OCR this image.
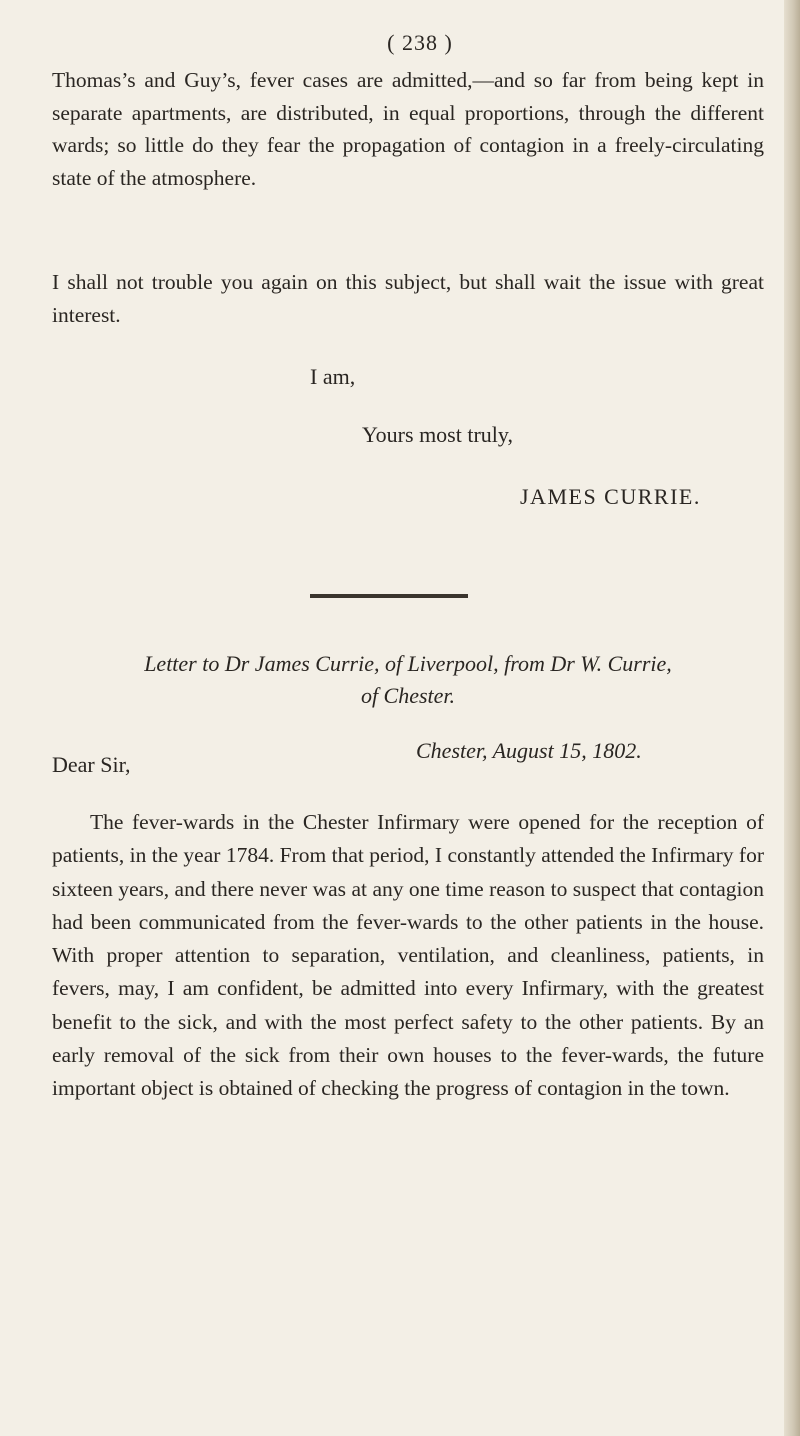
( 238 )

Thomas’s and Guy’s, fever cases are admitted,—and so far from being kept in separate apartments, are distributed, in equal proportions, through the different wards; so little do they fear the propagation of contagion in a freely-circulating state of the atmosphere.

I shall not trouble you again on this subject, but shall wait the issue with great interest.

I am,
Yours most truly,
JAMES CURRIE.
Letter to Dr James Currie, of Liverpool, from Dr W. Currie,
of Chester.
Chester, August 15, 1802.
Dear Sir,

The fever-wards in the Chester Infirmary were opened for the reception of patients, in the year 1784. From that period, I constantly attended the Infirmary for sixteen years, and there never was at any one time reason to suspect that contagion had been communicated from the fever-wards to the other patients in the house. With proper attention to separation, ventilation, and cleanliness, patients, in fevers, may, I am confident, be admitted into every Infirmary, with the greatest benefit to the sick, and with the most perfect safety to the other patients. By an early removal of the sick from their own houses to the fever-wards, the future important object is obtained of checking the progress of contagion in the town.
